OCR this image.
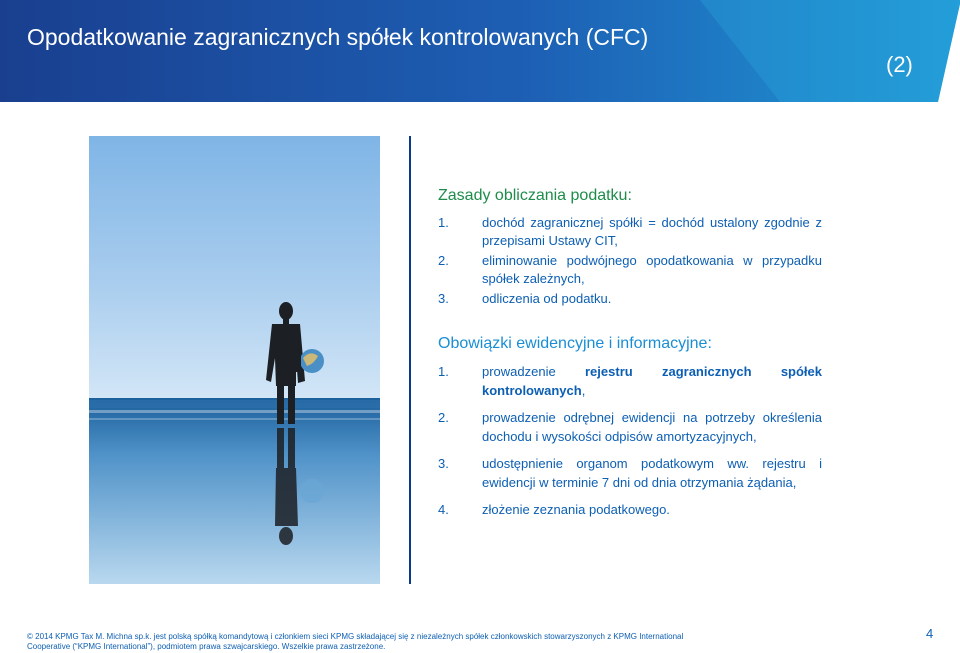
Opodatkowanie zagranicznych spółek kontrolowanych (CFC)
(2)
Zasady obliczania podatku:
1.	dochód zagranicznej spółki = dochód ustalony zgodnie z przepisami Ustawy CIT,
2.	eliminowanie podwójnego opodatkowania w przypadku spółek zależnych,
3.	odliczenia od podatku.
Obowiązki ewidencyjne i informacyjne:
1.	prowadzenie rejestru zagranicznych spółek kontrolowanych,
2.	prowadzenie odrębnej ewidencji na potrzeby określenia dochodu i wysokości odpisów amortyzacyjnych,
3.	udostępnienie organom podatkowym ww. rejestru i ewidencji w terminie 7 dni od dnia otrzymania żądania,
4.	złożenie zeznania podatkowego.
© 2014 KPMG Tax M. Michna sp.k. jest polską spółką komandytową i członkiem sieci KPMG składającej się z niezależnych spółek członkowskich stowarzyszonych z KPMG International
Cooperative (“KPMG International”), podmiotem prawa szwajcarskiego. Wszelkie prawa zastrzeżone.
4
